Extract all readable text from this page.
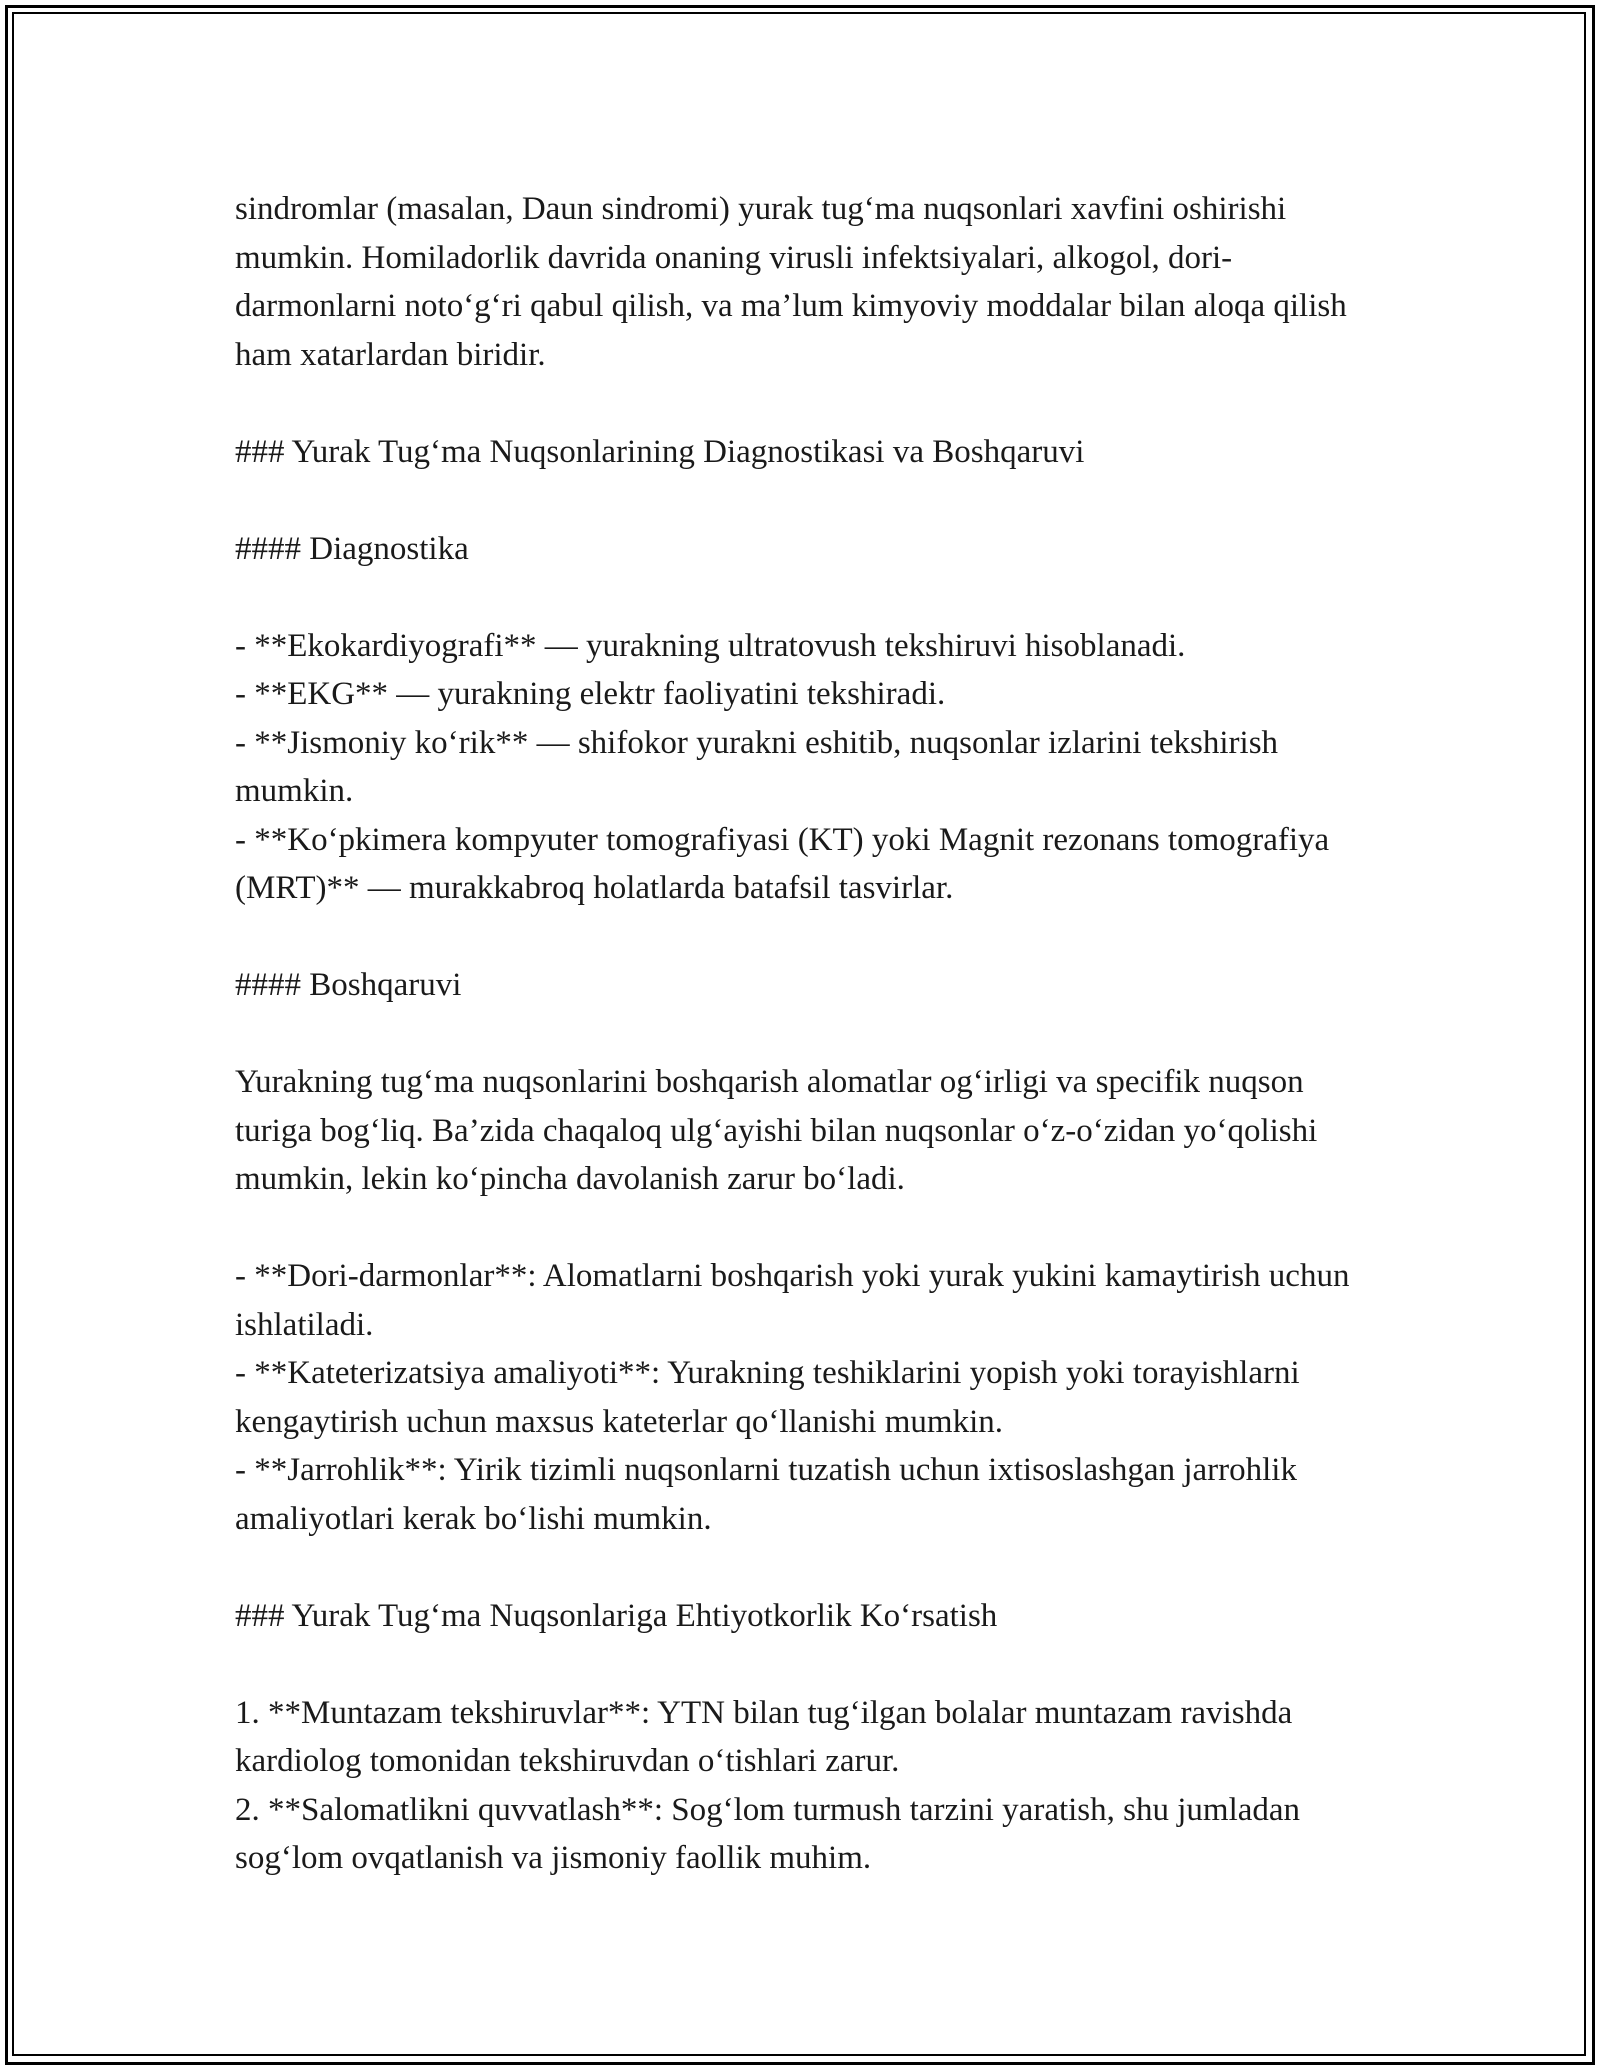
sindromlar (masalan, Daun sindromi) yurak tug‘ma nuqsonlari xavfini oshirishi mumkin. Homiladorlik davrida onaning virusli infektsiyalari, alkogol, dori-darmonlarni noto‘g‘ri qabul qilish, va ma’lum kimyoviy moddalar bilan aloqa qilish ham xatarlardan biridir.

### Yurak Tug‘ma Nuqsonlarining Diagnostikasi va Boshqaruvi

#### Diagnostika

- **Ekokardiyografi** — yurakning ultratovush tekshiruvi hisoblanadi.

- **EKG** — yurakning elektr faoliyatini tekshiradi.

- **Jismoniy ko‘rik** — shifokor yurakni eshitib, nuqsonlar izlarini tekshirish mumkin.

- **Ko‘pkimera kompyuter tomografiyasi (KT) yoki Magnit rezonans tomografiya (MRT)** — murakkabroq holatlarda batafsil tasvirlar.

#### Boshqaruvi

Yurakning tug‘ma nuqsonlarini boshqarish alomatlar og‘irligi va specifik nuqson turiga bog‘liq. Ba’zida chaqaloq ulg‘ayishi bilan nuqsonlar o‘z-o‘zidan yo‘qolishi mumkin, lekin ko‘pincha davolanish zarur bo‘ladi.

- **Dori-darmonlar**: Alomatlarni boshqarish yoki yurak yukini kamaytirish uchun ishlatiladi.

- **Kateterizatsiya amaliyoti**: Yurakning teshiklarini yopish yoki torayishlarni kengaytirish uchun maxsus kateterlar qo‘llanishi mumkin.

- **Jarrohlik**: Yirik tizimli nuqsonlarni tuzatish uchun ixtisoslashgan jarrohlik amaliyotlari kerak bo‘lishi mumkin.

### Yurak Tug‘ma Nuqsonlariga Ehtiyotkorlik Ko‘rsatish

1. **Muntazam tekshiruvlar**: YTN bilan tug‘ilgan bolalar muntazam ravishda kardiolog tomonidan tekshiruvdan o‘tishlari zarur.

2. **Salomatlikni quvvatlash**: Sog‘lom turmush tarzini yaratish, shu jumladan sog‘lom ovqatlanish va jismoniy faollik muhim.
